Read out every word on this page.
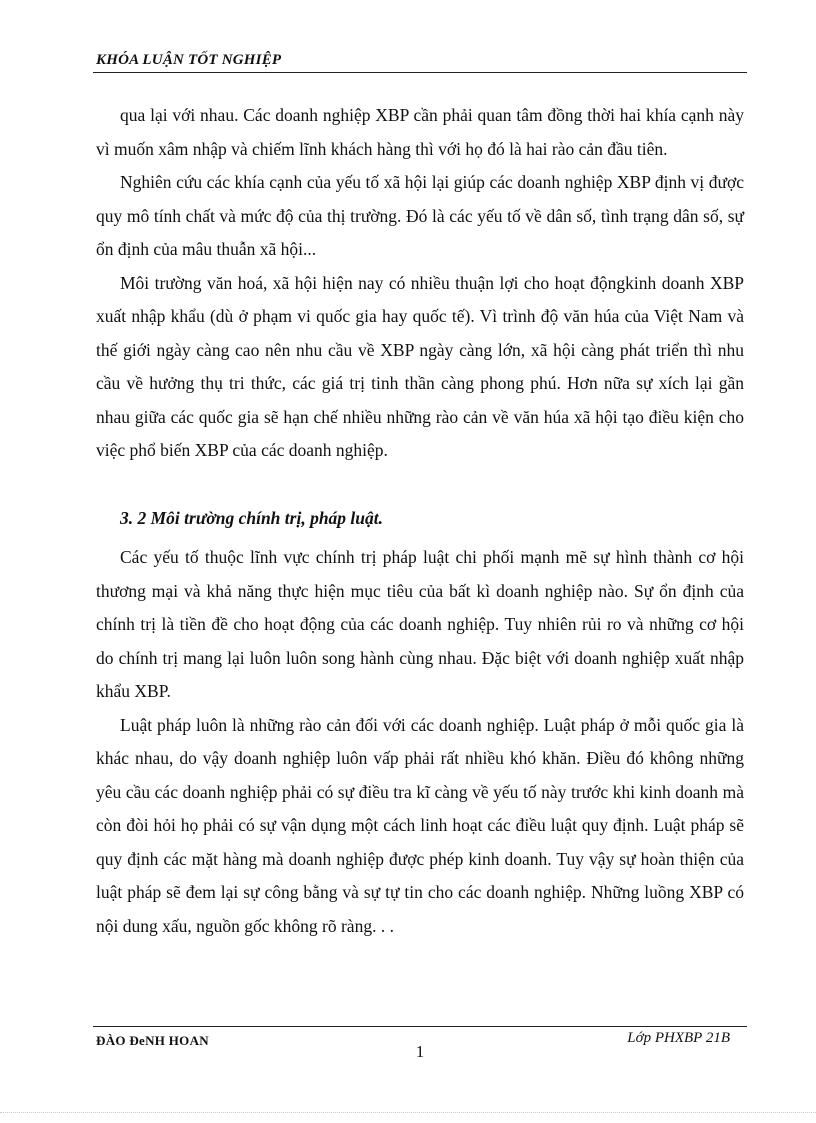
KHÓA LUẬN TỐT NGHIỆP

qua lại với nhau. Các doanh nghiệp XBP cần phải quan tâm đồng thời hai khía cạnh này vì muốn xâm nhập và chiếm lĩnh khách hàng thì với họ đó là hai rào cản đầu tiên.

Nghiên cứu các khía cạnh của yếu tố xã hội lại giúp các doanh nghiệp XBP định vị được quy mô tính chất và mức độ của thị trường. Đó là các yếu tố về dân số, tình trạng dân số, sự ổn định của mâu thuẫn xã hội...

Môi trường văn hoá, xã hội hiện nay có nhiều thuận lợi cho hoạt độngkinh doanh XBP xuất nhập khẩu (dù ở phạm vi quốc gia hay quốc tế). Vì trình độ văn húa của Việt Nam và thế giới ngày càng cao nên nhu cầu về XBP ngày càng lớn, xã hội càng phát triển thì nhu cầu về hưởng thụ tri thức, các giá trị tinh thần càng phong phú. Hơn nữa sự xích lại gần nhau giữa các quốc gia sẽ hạn chế nhiều những rào cản về văn húa xã hội tạo điều kiện cho việc phổ biến XBP của các doanh nghiệp.

3. 2 Môi trường chính trị, pháp luật.

Các yếu tố thuộc lĩnh vực chính trị pháp luật chi phối mạnh mẽ sự hình thành cơ hội thương mại và khả năng thực hiện mục tiêu của bất kì doanh nghiệp nào. Sự ổn định của chính trị là tiền đề cho hoạt động của các doanh nghiệp. Tuy nhiên rủi ro và những cơ hội do chính trị mang lại luôn luôn song hành cùng nhau. Đặc biệt với doanh nghiệp xuất nhập khẩu XBP.

Luật pháp luôn là những rào cản đối với các doanh nghiệp. Luật pháp ở mỗi quốc gia là khác nhau, do vậy doanh nghiệp luôn vấp phải rất nhiều khó khăn. Điều đó không những yêu cầu các doanh nghiệp phải có sự điều tra kĩ càng về yếu tố này trước khi kinh doanh mà còn đòi hỏi họ phải có sự vận dụng một cách linh hoạt các điều luật quy định. Luật pháp sẽ quy định các mặt hàng mà doanh nghiệp được phép kinh doanh. Tuy vậy sự hoàn thiện của luật pháp sẽ đem lại sự công bằng và sự tự tin cho các doanh nghiệp. Những luồng XBP có nội dung xấu, nguồn gốc không rõ ràng. . .

ĐÀO ĐeNH HOAN	Lớp PHXBP 21B
1
